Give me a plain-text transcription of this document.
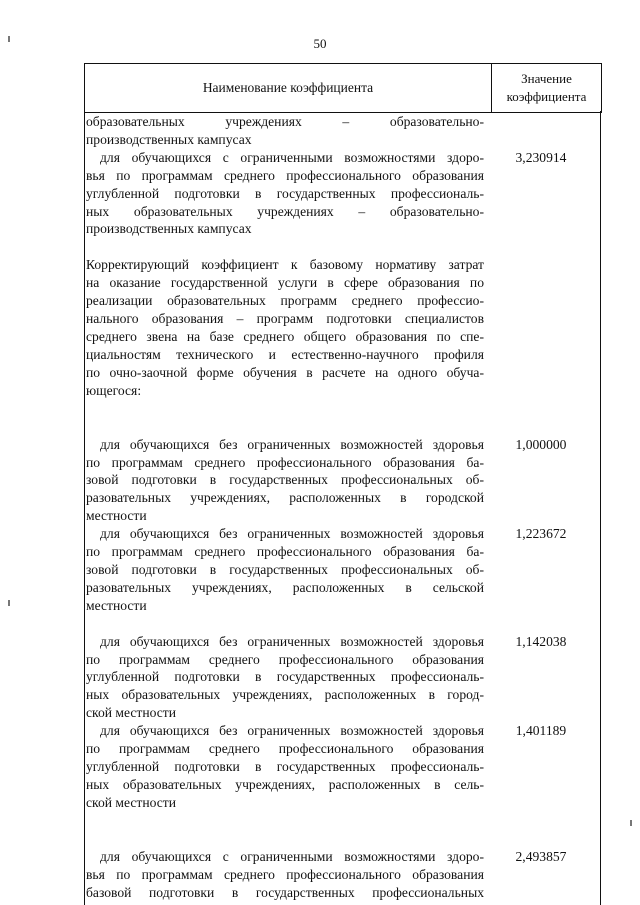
50
Наименование коэффициента
Значение
коэффициента
образовательных учреждениях – образовательно-
производственных кампусах
для обучающихся с ограниченными возможностями здоро-
вья по программам среднего профессионального образования
углубленной подготовки в государственных профессиональ-
ных образовательных учреждениях – образовательно-
производственных кампусах
3,230914
Корректирующий коэффициент к базовому нормативу затрат
на оказание государственной услуги в сфере образования по
реализации образовательных программ среднего профессио-
нального образования – программ подготовки специалистов
среднего звена на базе среднего общего образования по спе-
циальностям технического и естественно-научного профиля
по очно-заочной форме обучения в расчете на одного обуча-
ющегося:
для обучающихся без ограниченных возможностей здоровья
по программам среднего профессионального образования ба-
зовой подготовки в государственных профессиональных об-
разовательных учреждениях, расположенных в городской
местности
1,000000
для обучающихся без ограниченных возможностей здоровья
по программам среднего профессионального образования ба-
зовой подготовки в государственных профессиональных об-
разовательных учреждениях, расположенных в сельской
местности
1,223672
для обучающихся без ограниченных возможностей здоровья
по программам среднего профессионального образования
углубленной подготовки в государственных профессиональ-
ных образовательных учреждениях, расположенных в город-
ской местности
1,142038
для обучающихся без ограниченных возможностей здоровья
по программам среднего профессионального образования
углубленной подготовки в государственных профессиональ-
ных образовательных учреждениях, расположенных в сель-
ской местности
1,401189
для обучающихся с ограниченными возможностями здоро-
вья по программам среднего профессионального образования
базовой подготовки в государственных профессиональных
2,493857
